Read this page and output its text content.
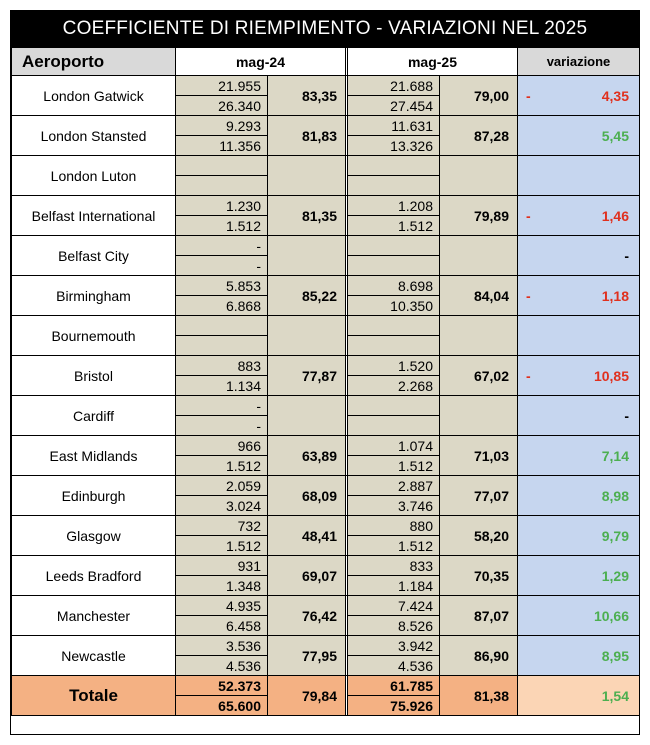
COEFFICIENTE DI RIEMPIMENTO - VARIAZIONI NEL 2025
Aeroporto	mag-24			mag-25		variazione
London Gatwick	21.955	83,35		21.688	79,00	- 4,35

	26.340			27.454		
London Stansted	9.293	81,83		11.631	87,28	5,45

	11.356			13.326		
London Luton						

Belfast International	1.230	81,35		1.208	79,89	- 1,46

	1.512			1.512		
Belfast City	-					-

	-					
Birmingham	5.853	85,22		8.698	84,04	- 1,18

	6.868			10.350		
Bournemouth						

Bristol	883	77,87		1.520	67,02	- 10,85

	1.134			2.268		
Cardiff	-					-

	-					
East Midlands	966	63,89		1.074	71,03	7,14

	1.512			1.512		
Edinburgh	2.059	68,09		2.887	77,07	8,98

	3.024			3.746		
Glasgow	732	48,41		880	58,20	9,79

	1.512			1.512		
Leeds Bradford	931	69,07		833	70,35	1,29

	1.348			1.184		
Manchester	4.935	76,42		7.424	87,07	10,66

	6.458			8.526		
Newcastle	3.536	77,95		3.942	86,90	8,95

	4.536			4.536		
Totale	52.373	79,84		61.785	81,38	1,54

	65.600			75.926		
